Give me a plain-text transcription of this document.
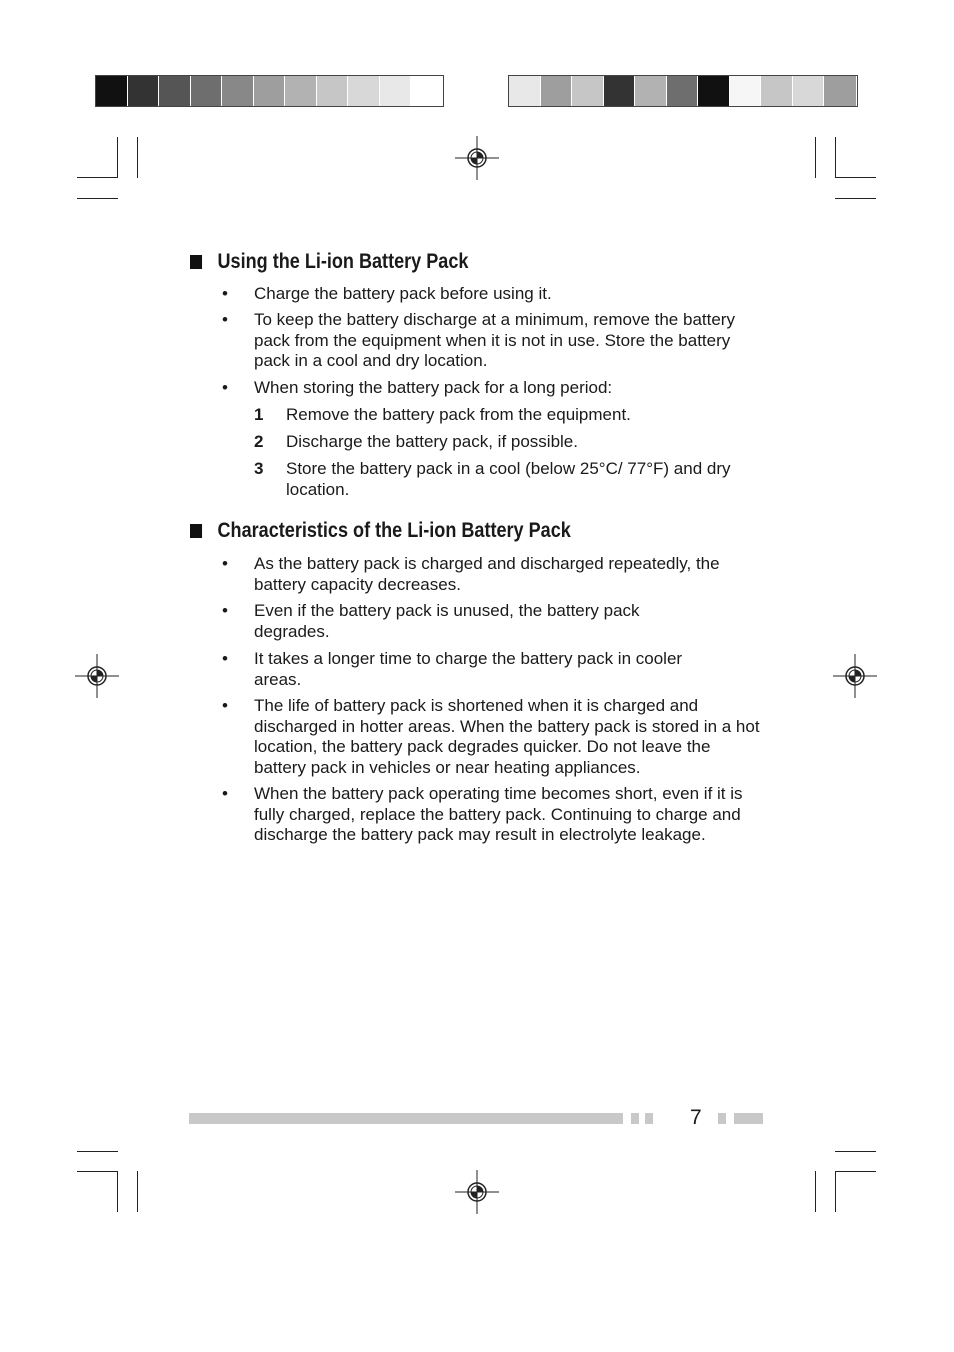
Using the Li-ion Battery Pack
• Charge the battery pack before using it.
• To keep the battery discharge at a minimum, remove the battery pack from the equipment when it is not in use. Store the battery pack in a cool and dry location.
• When storing the battery pack for a long period:
1 Remove the battery pack from the equipment.
2 Discharge the battery pack, if possible.
3 Store the battery pack in a cool (below 25°C/ 77°F) and dry location.
Characteristics of the Li-ion Battery Pack
• As the battery pack is charged and discharged repeatedly, the battery capacity decreases.
• Even if the battery pack is unused, the battery pack degrades.
• It takes a longer time to charge the battery pack in cooler areas.
• The life of battery pack is shortened when it is charged and discharged in hotter areas. When the battery pack is stored in a hot location, the battery pack degrades quicker. Do not leave the battery pack in vehicles or near heating appliances.
• When the battery pack operating time becomes short, even if it is fully charged, replace the battery pack. Continuing to charge and discharge the battery pack may result in electrolyte leakage.
7
